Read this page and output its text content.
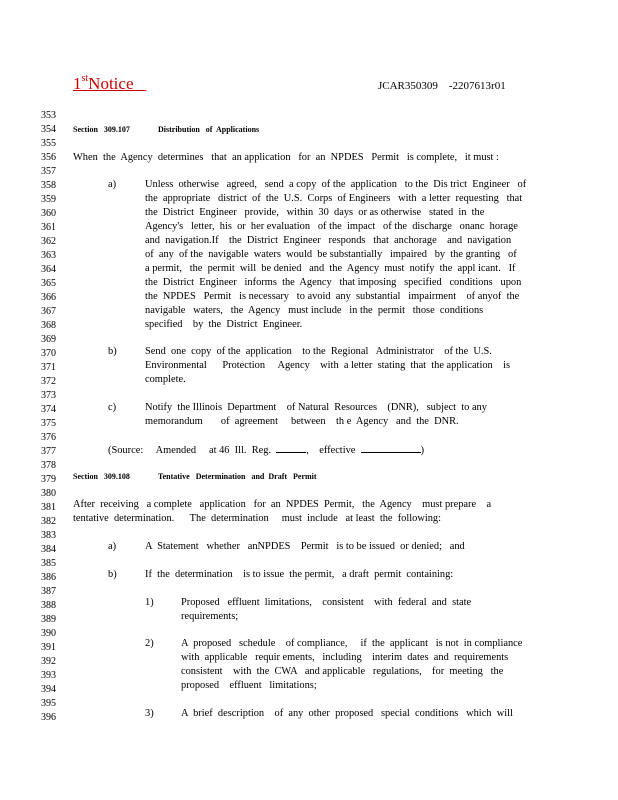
1stNotice	JCAR350309    -2207613r01
353
354
355
356
357
358
359
360
361
362
363
364
365
366
367
368
369
370
371
372
373
374
375
376
377
378
379
380
381
382
383
384
385
386
387
388
389
390
391
392
393
394
395
396
Section   309.107	Distribution   of  Applications
When  the  Agency  determines   that  an application   for  an  NPDES   Permit   is complete,   it must :
a)	Unless  otherwise   agreed,   send  a copy  of the  application   to the  Dis trict  Engineer   of
the  appropriate   district  of  the  U.S.  Corps  of Engineers   with  a letter  requesting   that
the  District  Engineer   provide,   within  30  days  or as otherwise   stated  in  the
Agency's   letter,  his  or  her evaluation   of the  impact   of the  discharge   onanc  horage
and  navigation.If    the  District  Engineer   responds   that  anchorage    and  navigation
of  any  of the  navigable  waters  would  be substantially   impaired   by  the granting   of
a permit,   the  permit  will  be denied   and  the  Agency  must  notify  the  appl icant.   If
the  District  Engineer   informs  the  Agency   that imposing   specified   conditions   upon
the  NPDES   Permit   is necessary   to avoid  any  substantial   impairment    of anyof  the
navigable   waters,   the  Agency   must include   in the  permit   those  conditions
specified    by  the  District  Engineer.
b)	Send  one  copy  of the  application    to the  Regional   Administrator    of the  U.S.
Environmental      Protection     Agency    with  a letter  stating  that  the application    is
complete.
c)	Notify  the Illinois  Department    of Natural  Resources    (DNR),   subject  to any
memorandum       of  agreement     between    th e  Agency   and  the  DNR.
(Source:     Amended     at 46  Ill.  Reg.	,    effective	)
Section   309.108	Tentative   Determination   and  Draft   Permit
After  receiving   a complete   application   for  an  NPDES  Permit,   the  Agency    must prepare    a
tentative  determination.      The  determination     must  include   at least  the  following:
a)	A  Statement   whether   anNPDES    Permit   is to be issued  or denied;   and
b)	If  the  determination    is to issue  the permit,   a draft  permit  containing:
1)	Proposed   effluent  limitations,    consistent    with  federal  and  state
requirements;
2)	A  proposed   schedule    of compliance,     if  the  applicant   is not  in compliance
with  applicable   requir ements,   including    interim  dates  and  requirements
consistent    with  the  CWA   and applicable   regulations,    for  meeting   the
proposed    effluent   limitations;
3)	A  brief  description    of  any  other  proposed   special  conditions   which  will
